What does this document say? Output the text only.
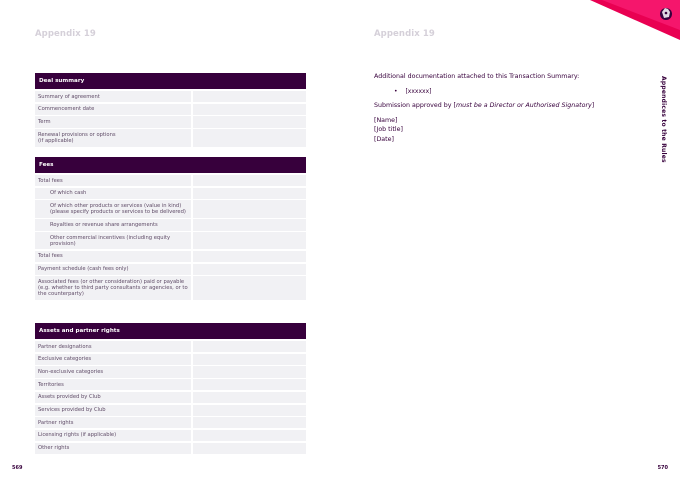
Appendix 19
Deal summary
Summary of agreement
Commencement date
Term
Renewal provisions or options
(if applicable)
Fees
Total fees
Of which cash
Of which other products or services (value in kind)
(please specify products or services to be delivered)
Royalties or revenue share arrangements
Other commercial incentives (including equity provision)
Total fees
Payment schedule (cash fees only)
Associated fees (or other consideration) paid or payable (e.g. whether to third party consultants or agencies, or to the counterparty)
Assets and partner rights
Partner designations
Exclusive categories
Non-exclusive categories
Territories
Assets provided by Club
Services provided by Club
Partner rights
Licensing rights (if applicable)
Other rights
569
Appendix 19
Additional documentation attached to this Transaction Summary:
• [xxxxxx]
Submission approved by [must be a Director or Authorised Signatory]
[Name]
[Job title]
[Date]	Appendices to the Rules
570
